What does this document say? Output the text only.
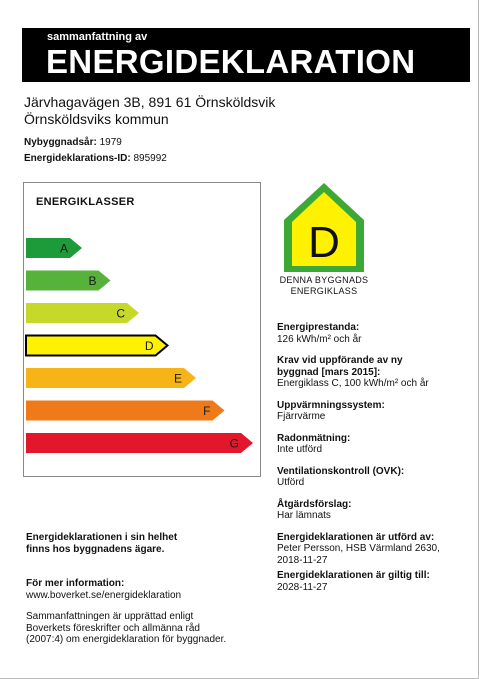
sammanfattning av
ENERGIDEKLARATION
Järvhagavägen 3B, 891 61 Örnsköldsvik
Örnsköldsviks kommun
Nybyggnadsår: 1979
Energideklarations-ID: 895992
ENERGIKLASSER
A
B
C
D
E
F
G
D
DENNA BYGGNADS
ENERGIKLASS
Energiprestanda:
126 kWh/m² och år
Krav vid uppförande av ny byggnad [mars 2015]:
Energiklass C, 100 kWh/m² och år
Uppvärmningssystem:
Fjärrvärme
Radonmätning:
Inte utförd
Ventilationskontroll (OVK):
Utförd
Åtgärdsförslag:
Har lämnats
Energideklarationen är utförd av:
Peter Persson, HSB Värmland 2630,
2018-11-27
Energideklarationen är giltig till:
2028-11-27
Energideklarationen i sin helhet
finns hos byggnadens ägare.
För mer information:
www.boverket.se/energideklaration
Sammanfattningen är upprättad enligt
Boverkets föreskrifter och allmänna råd
(2007:4) om energideklaration för byggnader.
